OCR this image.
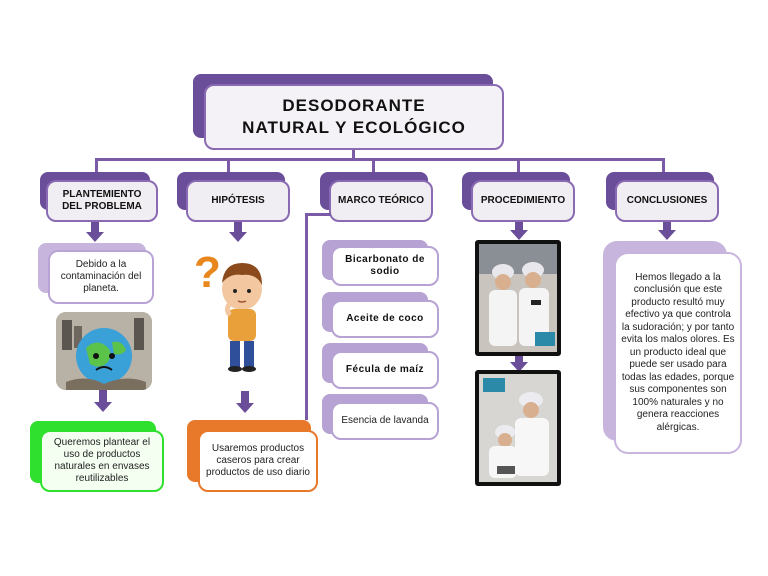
DESODORANTE NATURAL Y ECOLÓGICO
PLANTEMIENTO DEL PROBLEMA
HIPÓTESIS	MARCO TEÓRICO	PROCEDIMIENTO	CONCLUSIONES
Debido a la contaminación del planeta.
Queremos plantear el uso de productos naturales en envases reutilizables
?
Usaremos productos caseros para crear productos de uso diario
Bicarbonato de sodio
Aceite de coco
Fécula de maíz
Esencia de lavanda
Hemos llegado a la conclusión que este producto resultó muy efectivo ya que controla la sudoración; y por tanto evita los malos olores. Es un producto ideal que puede ser usado para todas las edades, porque sus componentes son 100% naturales y no genera reacciones alérgicas.
